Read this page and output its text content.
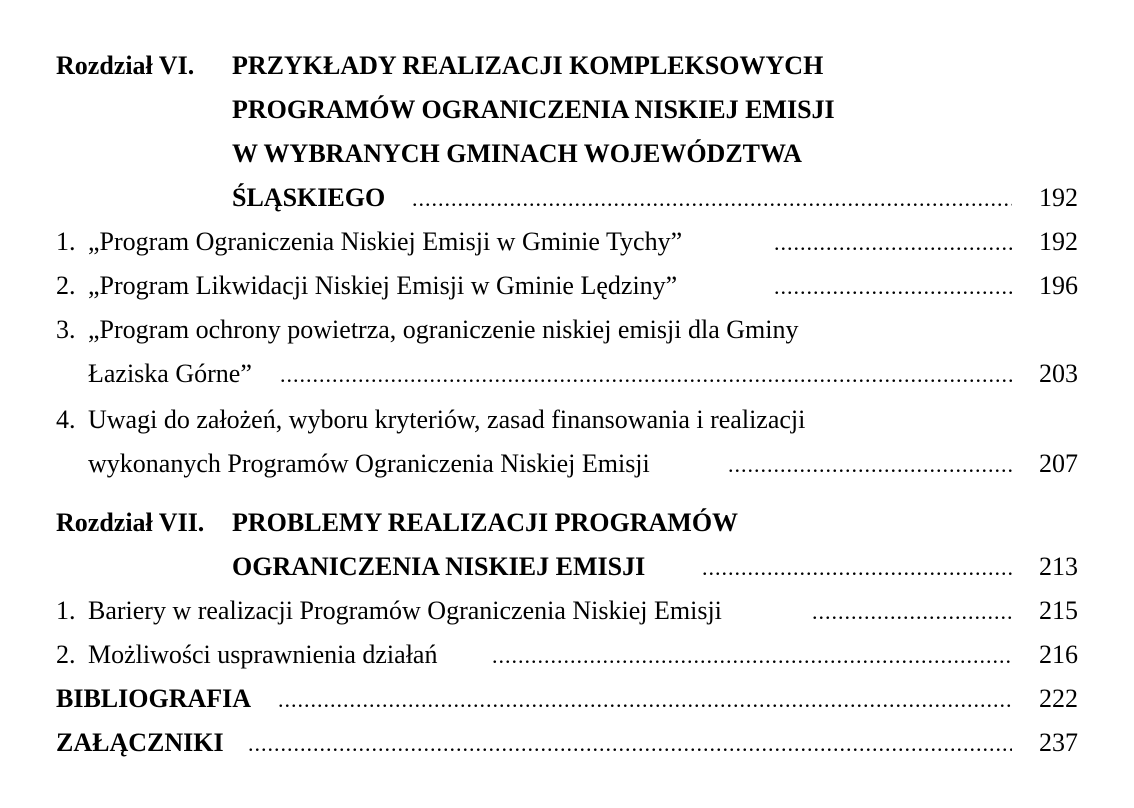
Rozdział VI. PRZYKŁADY REALIZACJI KOMPLEKSOWYCH
PROGRAMÓW OGRANICZENIA NISKIEJ EMISJI
W WYBRANYCH GMINACH WOJEWÓDZTWA
ŚLĄSKIEGO .....	192
1. „Program Ograniczenia Niskiej Emisji w Gminie Tychy” .....	192
2. „Program Likwidacji Niskiej Emisji w Gminie Lędziny” .....	196
3. „Program ochrony powietrza, ograniczenie niskiej emisji dla Gminy
Łaziska Górne” .....	203
4. Uwagi do założeń, wyboru kryteriów, zasad finansowania i realizacji
wykonanych Programów Ograniczenia Niskiej Emisji .....	207
Rozdział VII. PROBLEMY REALIZACJI PROGRAMÓW
OGRANICZENIA NISKIEJ EMISJI .....	213
1. Bariery w realizacji Programów Ograniczenia Niskiej Emisji .....	215
2. Możliwości usprawnienia działań .....	216
BIBLIOGRAFIA .....	222
ZAŁĄCZNIKI .....	237
